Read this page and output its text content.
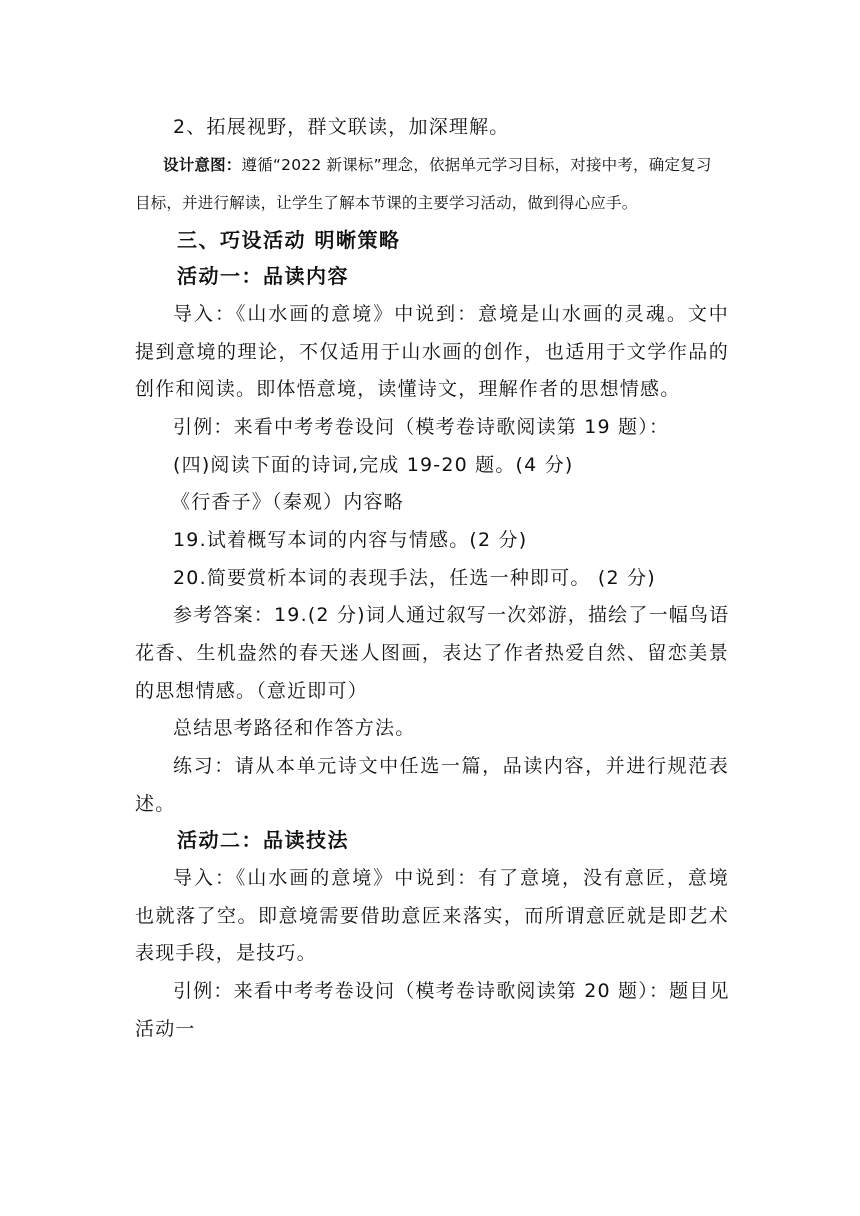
2、拓展视野，群文联读，加深理解。

设计意图：遵循“2022 新课标”理念，依据单元学习目标，对接中考，确定复习

目标，并进行解读，让学生了解本节课的主要学习活动，做到得心应手。

三、巧设活动 明晰策略

活动一：品读内容

导入：《山水画的意境》中说到：意境是山水画的灵魂。文中

提到意境的理论，不仅适用于山水画的创作，也适用于文学作品的

创作和阅读。即体悟意境，读懂诗文，理解作者的思想情感。

引例：来看中考考卷设问（模考卷诗歌阅读第 19 题）：

(四)阅读下面的诗词,完成 19-20 题。(4 分)

《行香子》（秦观）内容略

19.试着概写本词的内容与情感。(2 分)

20.简要赏析本词的表现手法，任选一种即可。 (2 分)

参考答案：19.(2 分)词人通过叙写一次郊游，描绘了一幅鸟语

花香、生机盎然的春天迷人图画，表达了作者热爱自然、留恋美景

的思想情感。（意近即可）

总结思考路径和作答方法。

练习：请从本单元诗文中任选一篇，品读内容，并进行规范表

述。

活动二：品读技法

导入：《山水画的意境》中说到：有了意境，没有意匠，意境

也就落了空。即意境需要借助意匠来落实，而所谓意匠就是即艺术

表现手段，是技巧。

引例：来看中考考卷设问（模考卷诗歌阅读第 20 题）：题目见

活动一
